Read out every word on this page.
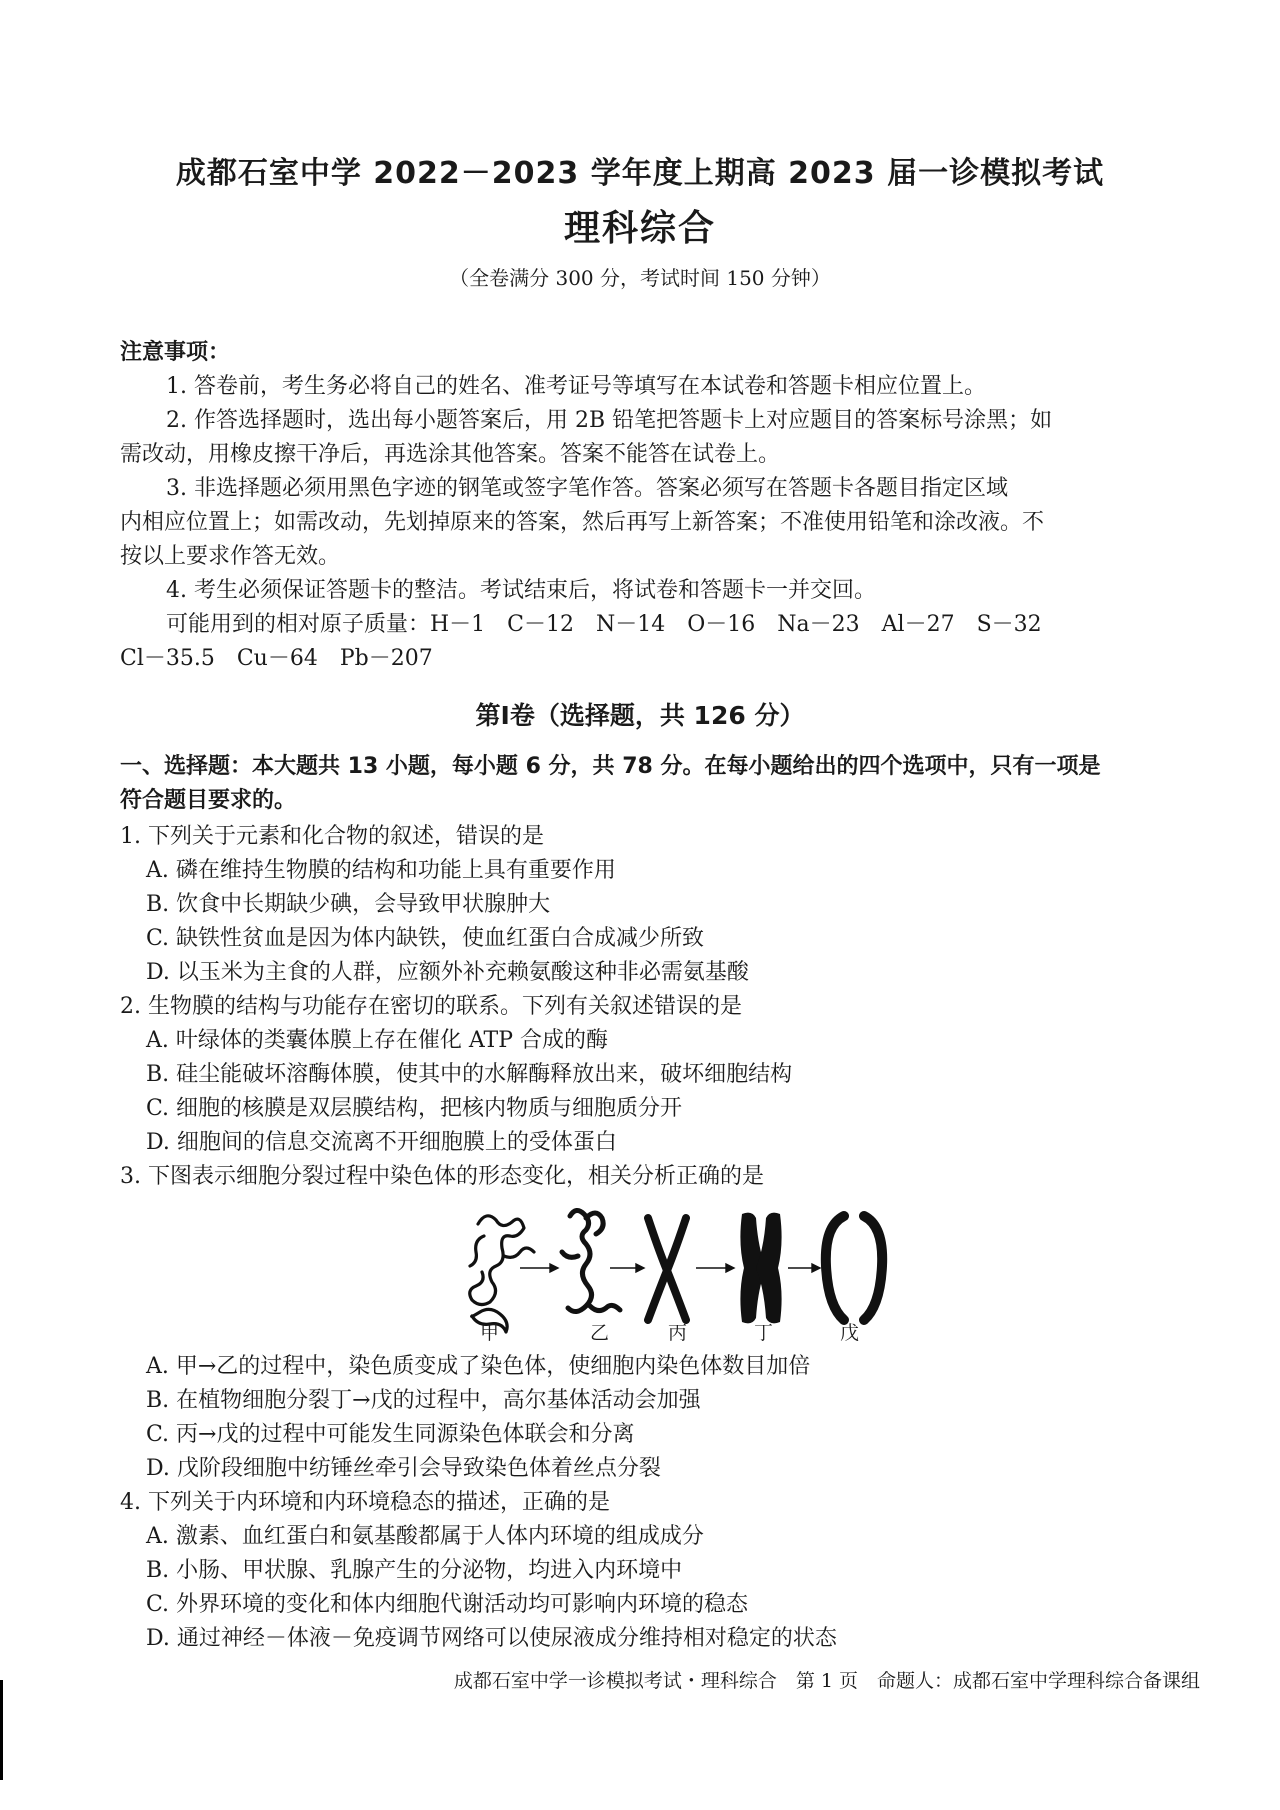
成都石室中学 2022－2023 学年度上期高 2023 届一诊模拟考试
理科综合
（全卷满分 300 分，考试时间 150 分钟）
注意事项：
1. 答卷前，考生务必将自己的姓名、准考证号等填写在本试卷和答题卡相应位置上。
2. 作答选择题时，选出每小题答案后，用 2B 铅笔把答题卡上对应题目的答案标号涂黑；如
需改动，用橡皮擦干净后，再选涂其他答案。答案不能答在试卷上。
3. 非选择题必须用黑色字迹的钢笔或签字笔作答。答案必须写在答题卡各题目指定区域
内相应位置上；如需改动，先划掉原来的答案，然后再写上新答案；不准使用铅笔和涂改液。不
按以上要求作答无效。
4. 考生必须保证答题卡的整洁。考试结束后，将试卷和答题卡一并交回。
可能用到的相对原子质量：H－1　C－12　N－14　O－16　Na－23　Al－27　S－32
Cl－35.5　Cu－64　Pb－207
第Ⅰ卷（选择题，共 126 分）
一、选择题：本大题共 13 小题，每小题 6 分，共 78 分。在每小题给出的四个选项中，只有一项是
符合题目要求的。
1. 下列关于元素和化合物的叙述，错误的是
A. 磷在维持生物膜的结构和功能上具有重要作用
B. 饮食中长期缺少碘，会导致甲状腺肿大
C. 缺铁性贫血是因为体内缺铁，使血红蛋白合成减少所致
D. 以玉米为主食的人群，应额外补充赖氨酸这种非必需氨基酸
2. 生物膜的结构与功能存在密切的联系。下列有关叙述错误的是
A. 叶绿体的类囊体膜上存在催化 ATP 合成的酶
B. 硅尘能破坏溶酶体膜，使其中的水解酶释放出来，破坏细胞结构
C. 细胞的核膜是双层膜结构，把核内物质与细胞质分开
D. 细胞间的信息交流离不开细胞膜上的受体蛋白
3. 下图表示细胞分裂过程中染色体的形态变化，相关分析正确的是
甲	乙	丙	丁	戊
A. 甲→乙的过程中，染色质变成了染色体，使细胞内染色体数目加倍
B. 在植物细胞分裂丁→戊的过程中，高尔基体活动会加强
C. 丙→戊的过程中可能发生同源染色体联会和分离
D. 戊阶段细胞中纺锤丝牵引会导致染色体着丝点分裂
4. 下列关于内环境和内环境稳态的描述，正确的是
A. 激素、血红蛋白和氨基酸都属于人体内环境的组成成分
B. 小肠、甲状腺、乳腺产生的分泌物，均进入内环境中
C. 外界环境的变化和体内细胞代谢活动均可影响内环境的稳态
D. 通过神经－体液－免疫调节网络可以使尿液成分维持相对稳定的状态
成都石室中学一诊模拟考试・理科综合　第 1 页　命题人：成都石室中学理科综合备课组
